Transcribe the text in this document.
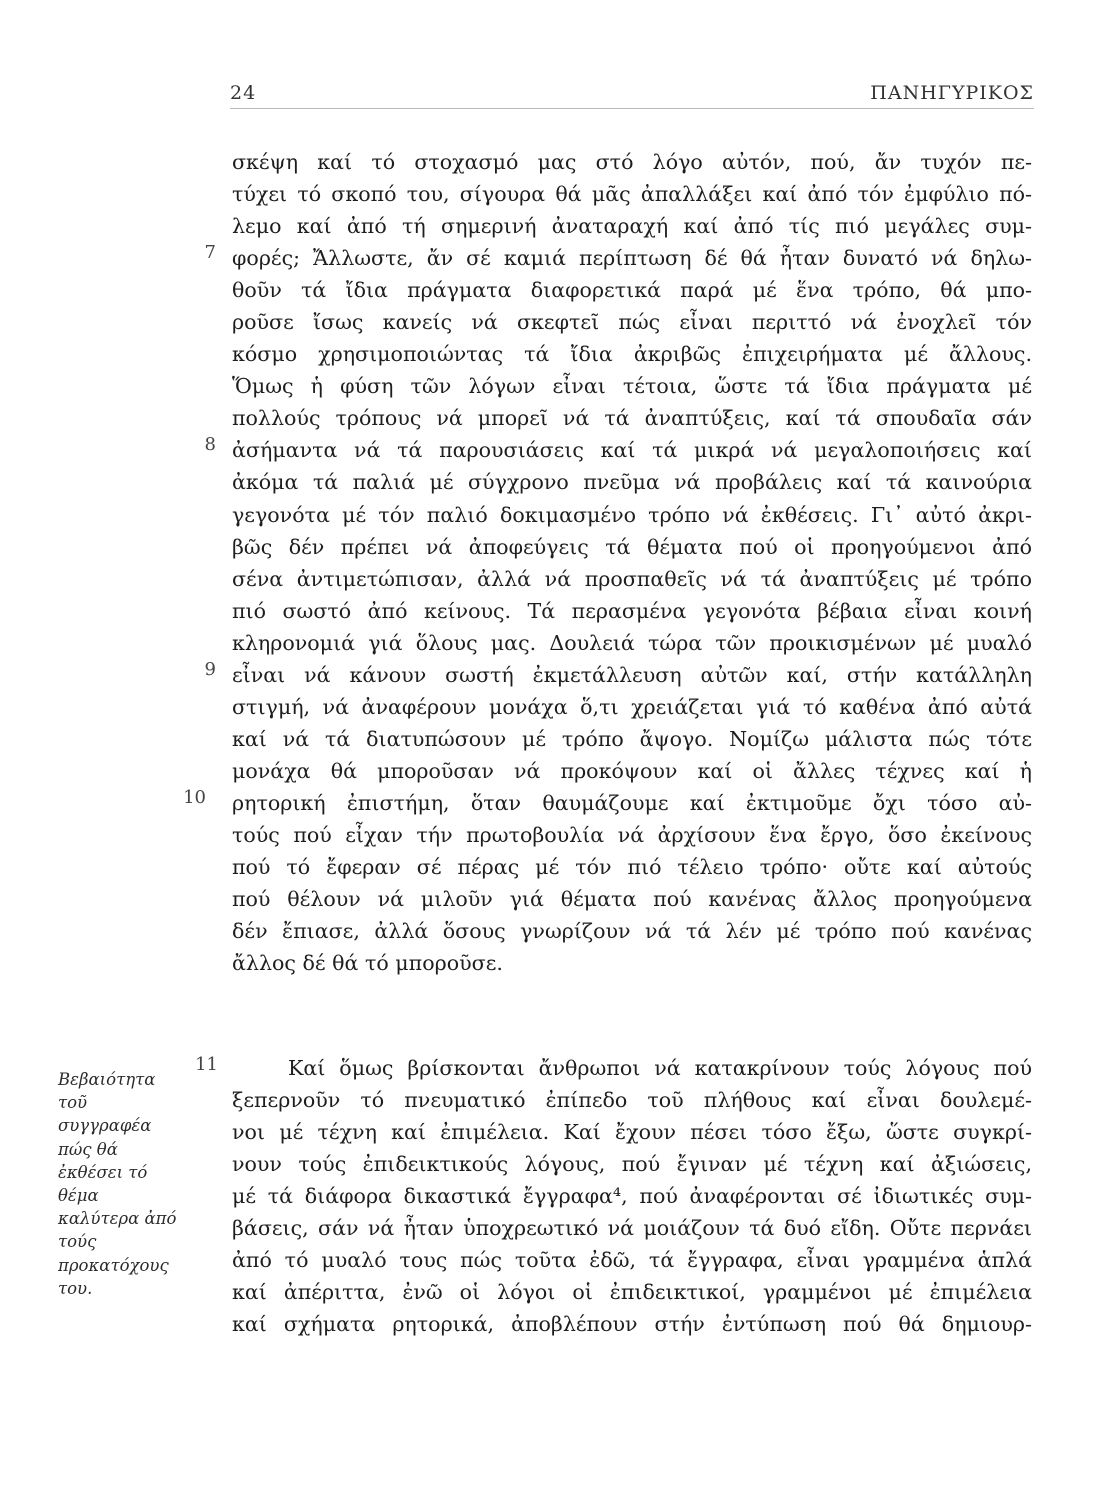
24	ΠΑΝΗΓΥΡΙΚΟΣ
7
8
9
10
11
σκέψη καί τό στοχασμό μας στό λόγο αὐτόν, πού, ἄν τυχόν πε-
τύχει τό σκοπό του, σίγουρα θά μᾶς ἀπαλλάξει καί ἀπό τόν ἐμφύλιο πό-
λεμο καί ἀπό τή σημερινή ἀναταραχή καί ἀπό τίς πιό μεγάλες συμ-
φορές; Ἄλλωστε, ἄν σέ καμιά περίπτωση δέ θά ἦταν δυνατό νά δηλω-
θοῦν τά ἴδια πράγματα διαφορετικά παρά μέ ἕνα τρόπο, θά μπο-
ροῦσε ἴσως κανείς νά σκεφτεῖ πώς εἶναι περιττό νά ἐνοχλεῖ τόν
κόσμο χρησιμοποιώντας τά ἴδια ἀκριβῶς ἐπιχειρήματα μέ ἄλλους.
Ὅμως ἡ φύση τῶν λόγων εἶναι τέτοια, ὥστε τά ἴδια πράγματα μέ
πολλούς τρόπους νά μπορεῖ νά τά ἀναπτύξεις, καί τά σπουδαῖα σάν
ἀσήμαντα νά τά παρουσιάσεις καί τά μικρά νά μεγαλοποιήσεις καί
ἀκόμα τά παλιά μέ σύγχρονο πνεῦμα νά προβάλεις καί τά καινούρια
γεγονότα μέ τόν παλιό δοκιμασμένο τρόπο νά ἐκθέσεις. Γι᾽ αὐτό ἀκρι-
βῶς δέν πρέπει νά ἀποφεύγεις τά θέματα πού οἱ προηγούμενοι ἀπό
σένα ἀντιμετώπισαν, ἀλλά νά προσπαθεῖς νά τά ἀναπτύξεις μέ τρόπο
πιό σωστό ἀπό κείνους. Τά περασμένα γεγονότα βέβαια εἶναι κοινή
κληρονομιά γιά ὅλους μας. Δουλειά τώρα τῶν προικισμένων μέ μυαλό
εἶναι νά κάνουν σωστή ἐκμετάλλευση αὐτῶν καί, στήν κατάλληλη
στιγμή, νά ἀναφέρουν μονάχα ὅ,τι χρειάζεται γιά τό καθένα ἀπό αὐτά
καί νά τά διατυπώσουν μέ τρόπο ἄψογο. Νομίζω μάλιστα πώς τότε
μονάχα θά μποροῦσαν νά προκόψουν καί οἱ ἄλλες τέχνες καί ἡ
ρητορική ἐπιστήμη, ὅταν θαυμάζουμε καί ἐκτιμοῦμε ὄχι τόσο αὐ-
τούς πού εἶχαν τήν πρωτοβουλία νά ἀρχίσουν ἕνα ἔργο, ὅσο ἐκείνους
πού τό ἔφεραν σέ πέρας μέ τόν πιό τέλειο τρόπο· οὔτε καί αὐτούς
πού θέλουν νά μιλοῦν γιά θέματα πού κανένας ἄλλος προηγούμενα
δέν ἔπιασε, ἀλλά ὅσους γνωρίζουν νά τά λέν μέ τρόπο πού κανένας
ἄλλος δέ θά τό μποροῦσε.
Καί ὅμως βρίσκονται ἄνθρωποι νά κατακρίνουν τούς λόγους πού
ξεπερνοῦν τό πνευματικό ἐπίπεδο τοῦ πλήθους καί εἶναι δουλεμέ-
νοι μέ τέχνη καί ἐπιμέλεια. Καί ἔχουν πέσει τόσο ἔξω, ὥστε συγκρί-
νουν τούς ἐπιδεικτικούς λόγους, πού ἔγιναν μέ τέχνη καί ἀξιώσεις,
μέ τά διάφορα δικαστικά ἔγγραφα⁴, πού ἀναφέρονται σέ ἰδιωτικές συμ-
βάσεις, σάν νά ἦταν ὑποχρεωτικό νά μοιάζουν τά δυό εἴδη. Οὔτε περνάει
ἀπό τό μυαλό τους πώς τοῦτα ἐδῶ, τά ἔγγραφα, εἶναι γραμμένα ἁπλά
καί ἀπέριττα, ἐνῶ οἱ λόγοι οἱ ἐπιδεικτικοί, γραμμένοι μέ ἐπιμέλεια
καί σχήματα ρητορικά, ἀποβλέπουν στήν ἐντύπωση πού θά δημιουρ-
Βεβαιότητα
τοῦ
συγγραφέα
πώς θά
ἐκθέσει τό
θέμα
καλύτερα ἀπό
τούς
προκατόχους
του.
